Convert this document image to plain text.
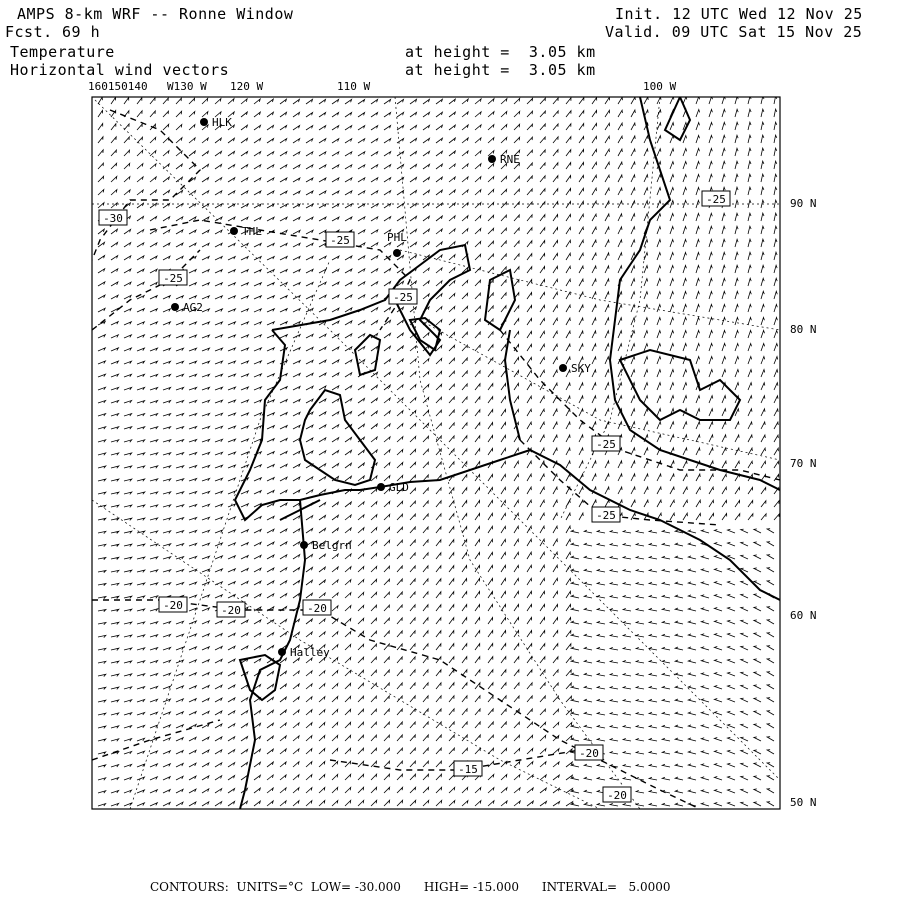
AMPS 8-km WRF -- Ronne Window
Fcst. 69 h
Init. 12 UTC Wed 12 Nov 25
Valid. 09 UTC Sat 15 Nov 25
Temperature
Horizontal wind vectors
at height =  3.05 km
at height =  3.05 km
HLK
RNE
THL	PHL
AG2
SKY
GLD
Belgrn
Halley
-30
-25
-25
-25
-25
-25
-25
-20	-20	-20
-20
-20
-15
160150140 W130 W 120 W	110 W	100 W
90 N
80 N
70 N
60 N
50 N
CONTOURS: UNITS=°C LOW= -30.000 HIGH= -15.000 INTERVAL=   5.0000
